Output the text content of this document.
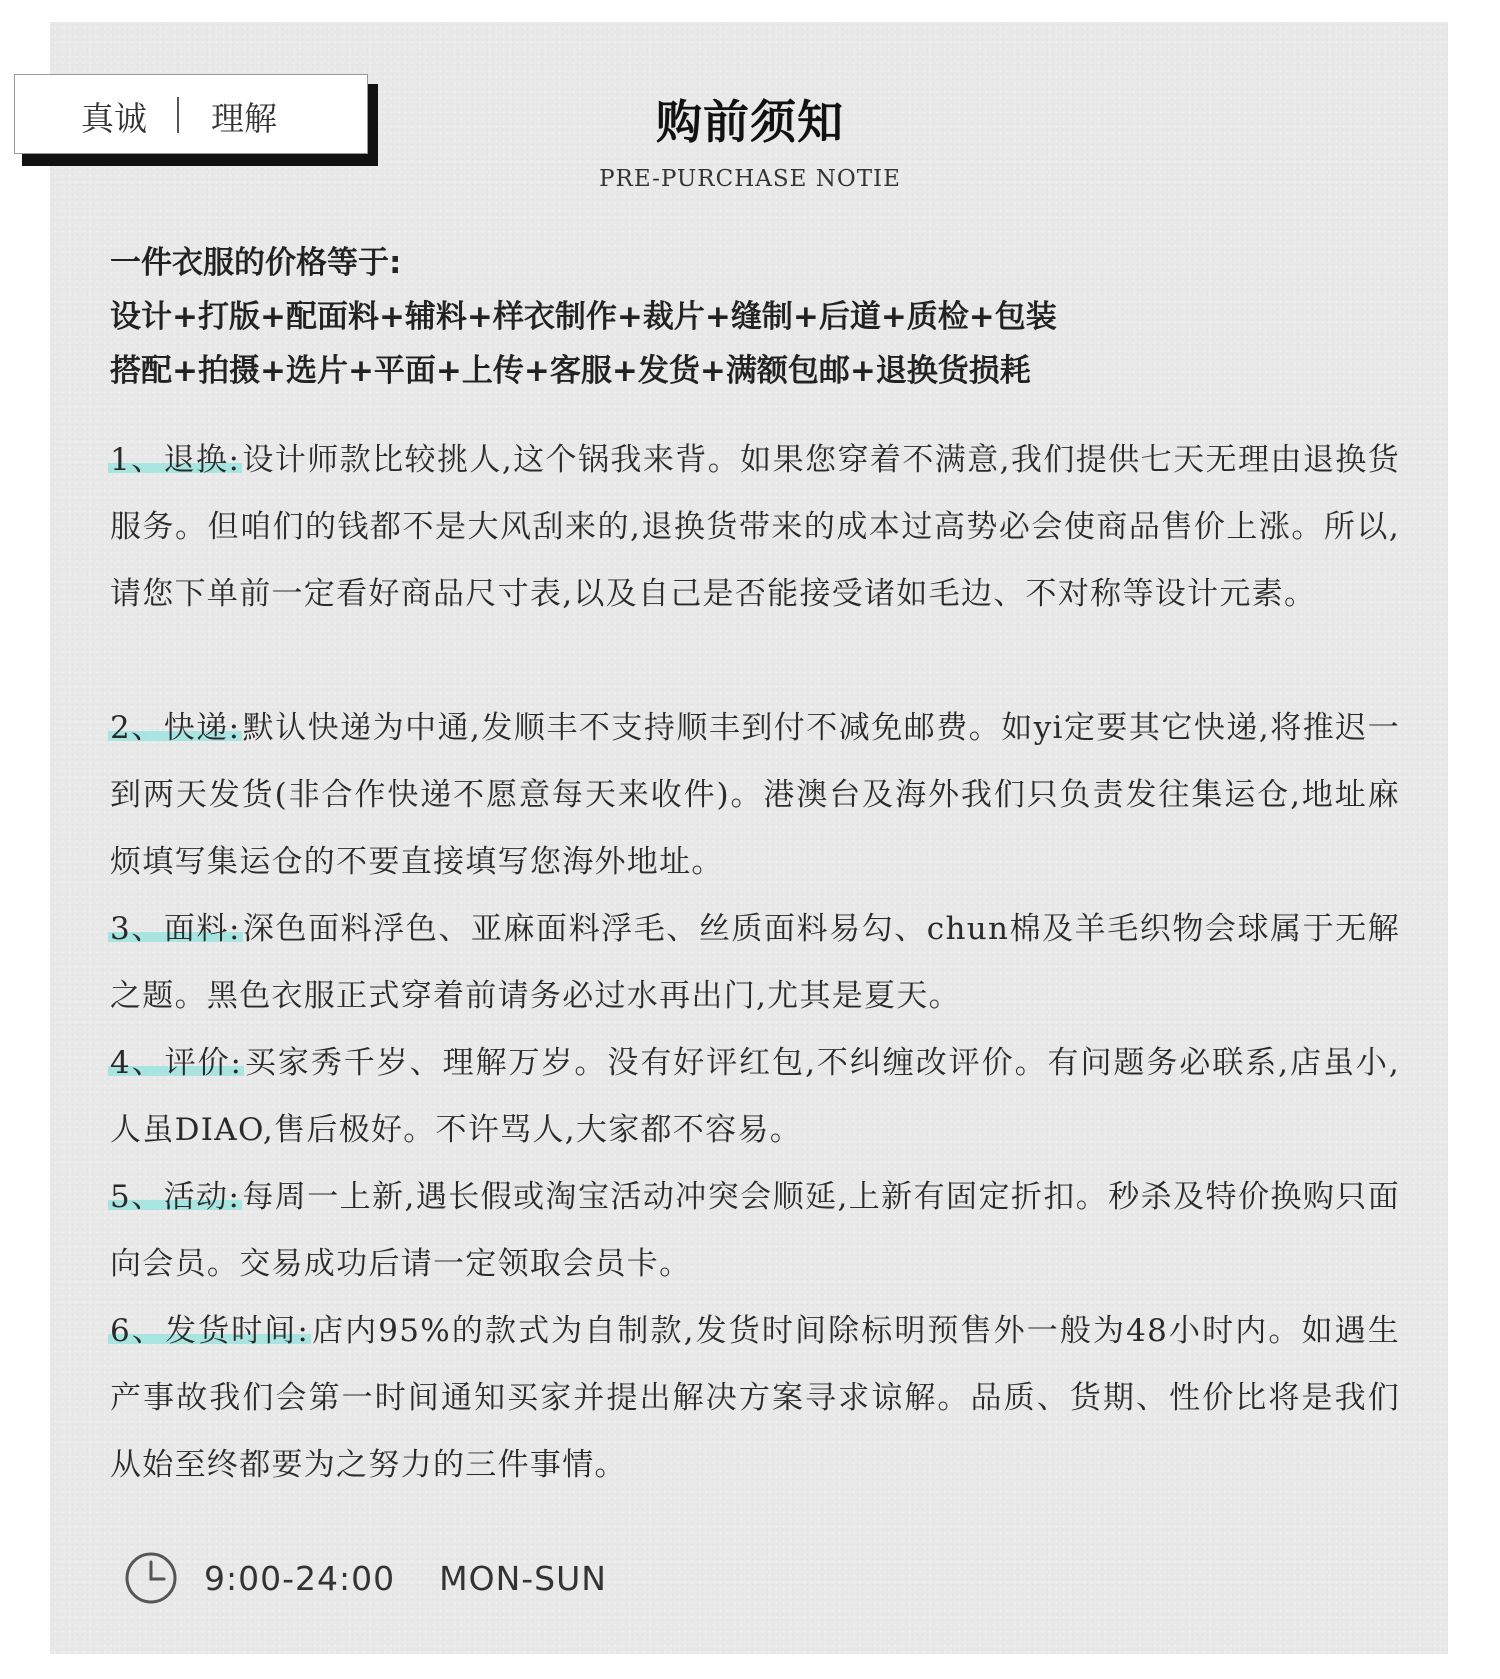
真诚 理解	购前须知
PRE-PURCHASE NOTIE
一件衣服的价格等于:
设计+打版+配面料+辅料+样衣制作+裁片+缝制+后道+质检+包装
搭配+拍摄+选片+平面+上传+客服+发货+满额包邮+退换货损耗
1、退换:设计师款比较挑人,这个锅我来背。如果您穿着不满意,我们提供七天无理由退换货服务。但咱们的钱都不是大风刮来的,退换货带来的成本过高势必会使商品售价上涨。所以,请您下单前一定看好商品尺寸表,以及自己是否能接受诸如毛边、不对称等设计元素。
2、快递:默认快递为中通,发顺丰不支持顺丰到付不减免邮费。如yi定要其它快递,将推迟一到两天发货(非合作快递不愿意每天来收件)。港澳台及海外我们只负责发往集运仓,地址麻烦填写集运仓的不要直接填写您海外地址。
3、面料:深色面料浮色、亚麻面料浮毛、丝质面料易勾、chun棉及羊毛织物会球属于无解之题。黑色衣服正式穿着前请务必过水再出门,尤其是夏天。
4、评价:买家秀千岁、理解万岁。没有好评红包,不纠缠改评价。有问题务必联系,店虽小,人虽DIAO,售后极好。不许骂人,大家都不容易。
5、活动:每周一上新,遇长假或淘宝活动冲突会顺延,上新有固定折扣。秒杀及特价换购只面向会员。交易成功后请一定领取会员卡。
6、发货时间:店内95%的款式为自制款,发货时间除标明预售外一般为48小时内。如遇生产事故我们会第一时间通知买家并提出解决方案寻求谅解。品质、货期、性价比将是我们从始至终都要为之努力的三件事情。
9:00-24:00 MON-SUN
